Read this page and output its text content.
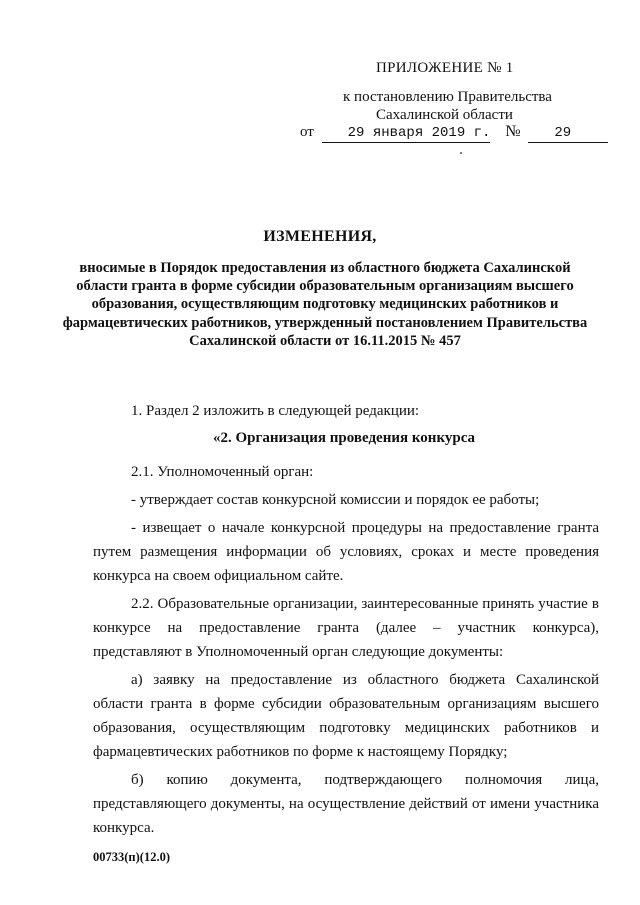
ПРИЛОЖЕНИЕ № 1
к постановлению Правительства
Сахалинской области
от 29 января 2019 г. № 29
ИЗМЕНЕНИЯ,
вносимые в Порядок предоставления из областного бюджета Сахалинской области гранта в форме субсидии образовательным организациям высшего образования, осуществляющим подготовку медицинских работников и фармацевтических работников, утвержденный постановлением Правительства Сахалинской области от 16.11.2015 № 457

1. Раздел 2 изложить в следующей редакции:

«2. Организация проведения конкурса

2.1. Уполномоченный орган:

- утверждает состав конкурсной комиссии и порядок ее работы;

- извещает о начале конкурсной процедуры на предоставление гранта путем размещения информации об условиях, сроках и месте проведения конкурса на своем официальном сайте.

2.2. Образовательные организации, заинтересованные принять участие в конкурсе на предоставление гранта (далее – участник конкурса), представляют в Уполномоченный орган следующие документы:

а) заявку на предоставление из областного бюджета Сахалинской области гранта в форме субсидии образовательным организациям высшего образования, осуществляющим подготовку медицинских работников и фармацевтических работников по форме к настоящему Порядку;

б) копию документа, подтверждающего полномочия лица, представляющего документы, на осуществление действий от имени участника конкурса.

00733(п)(12.0)
